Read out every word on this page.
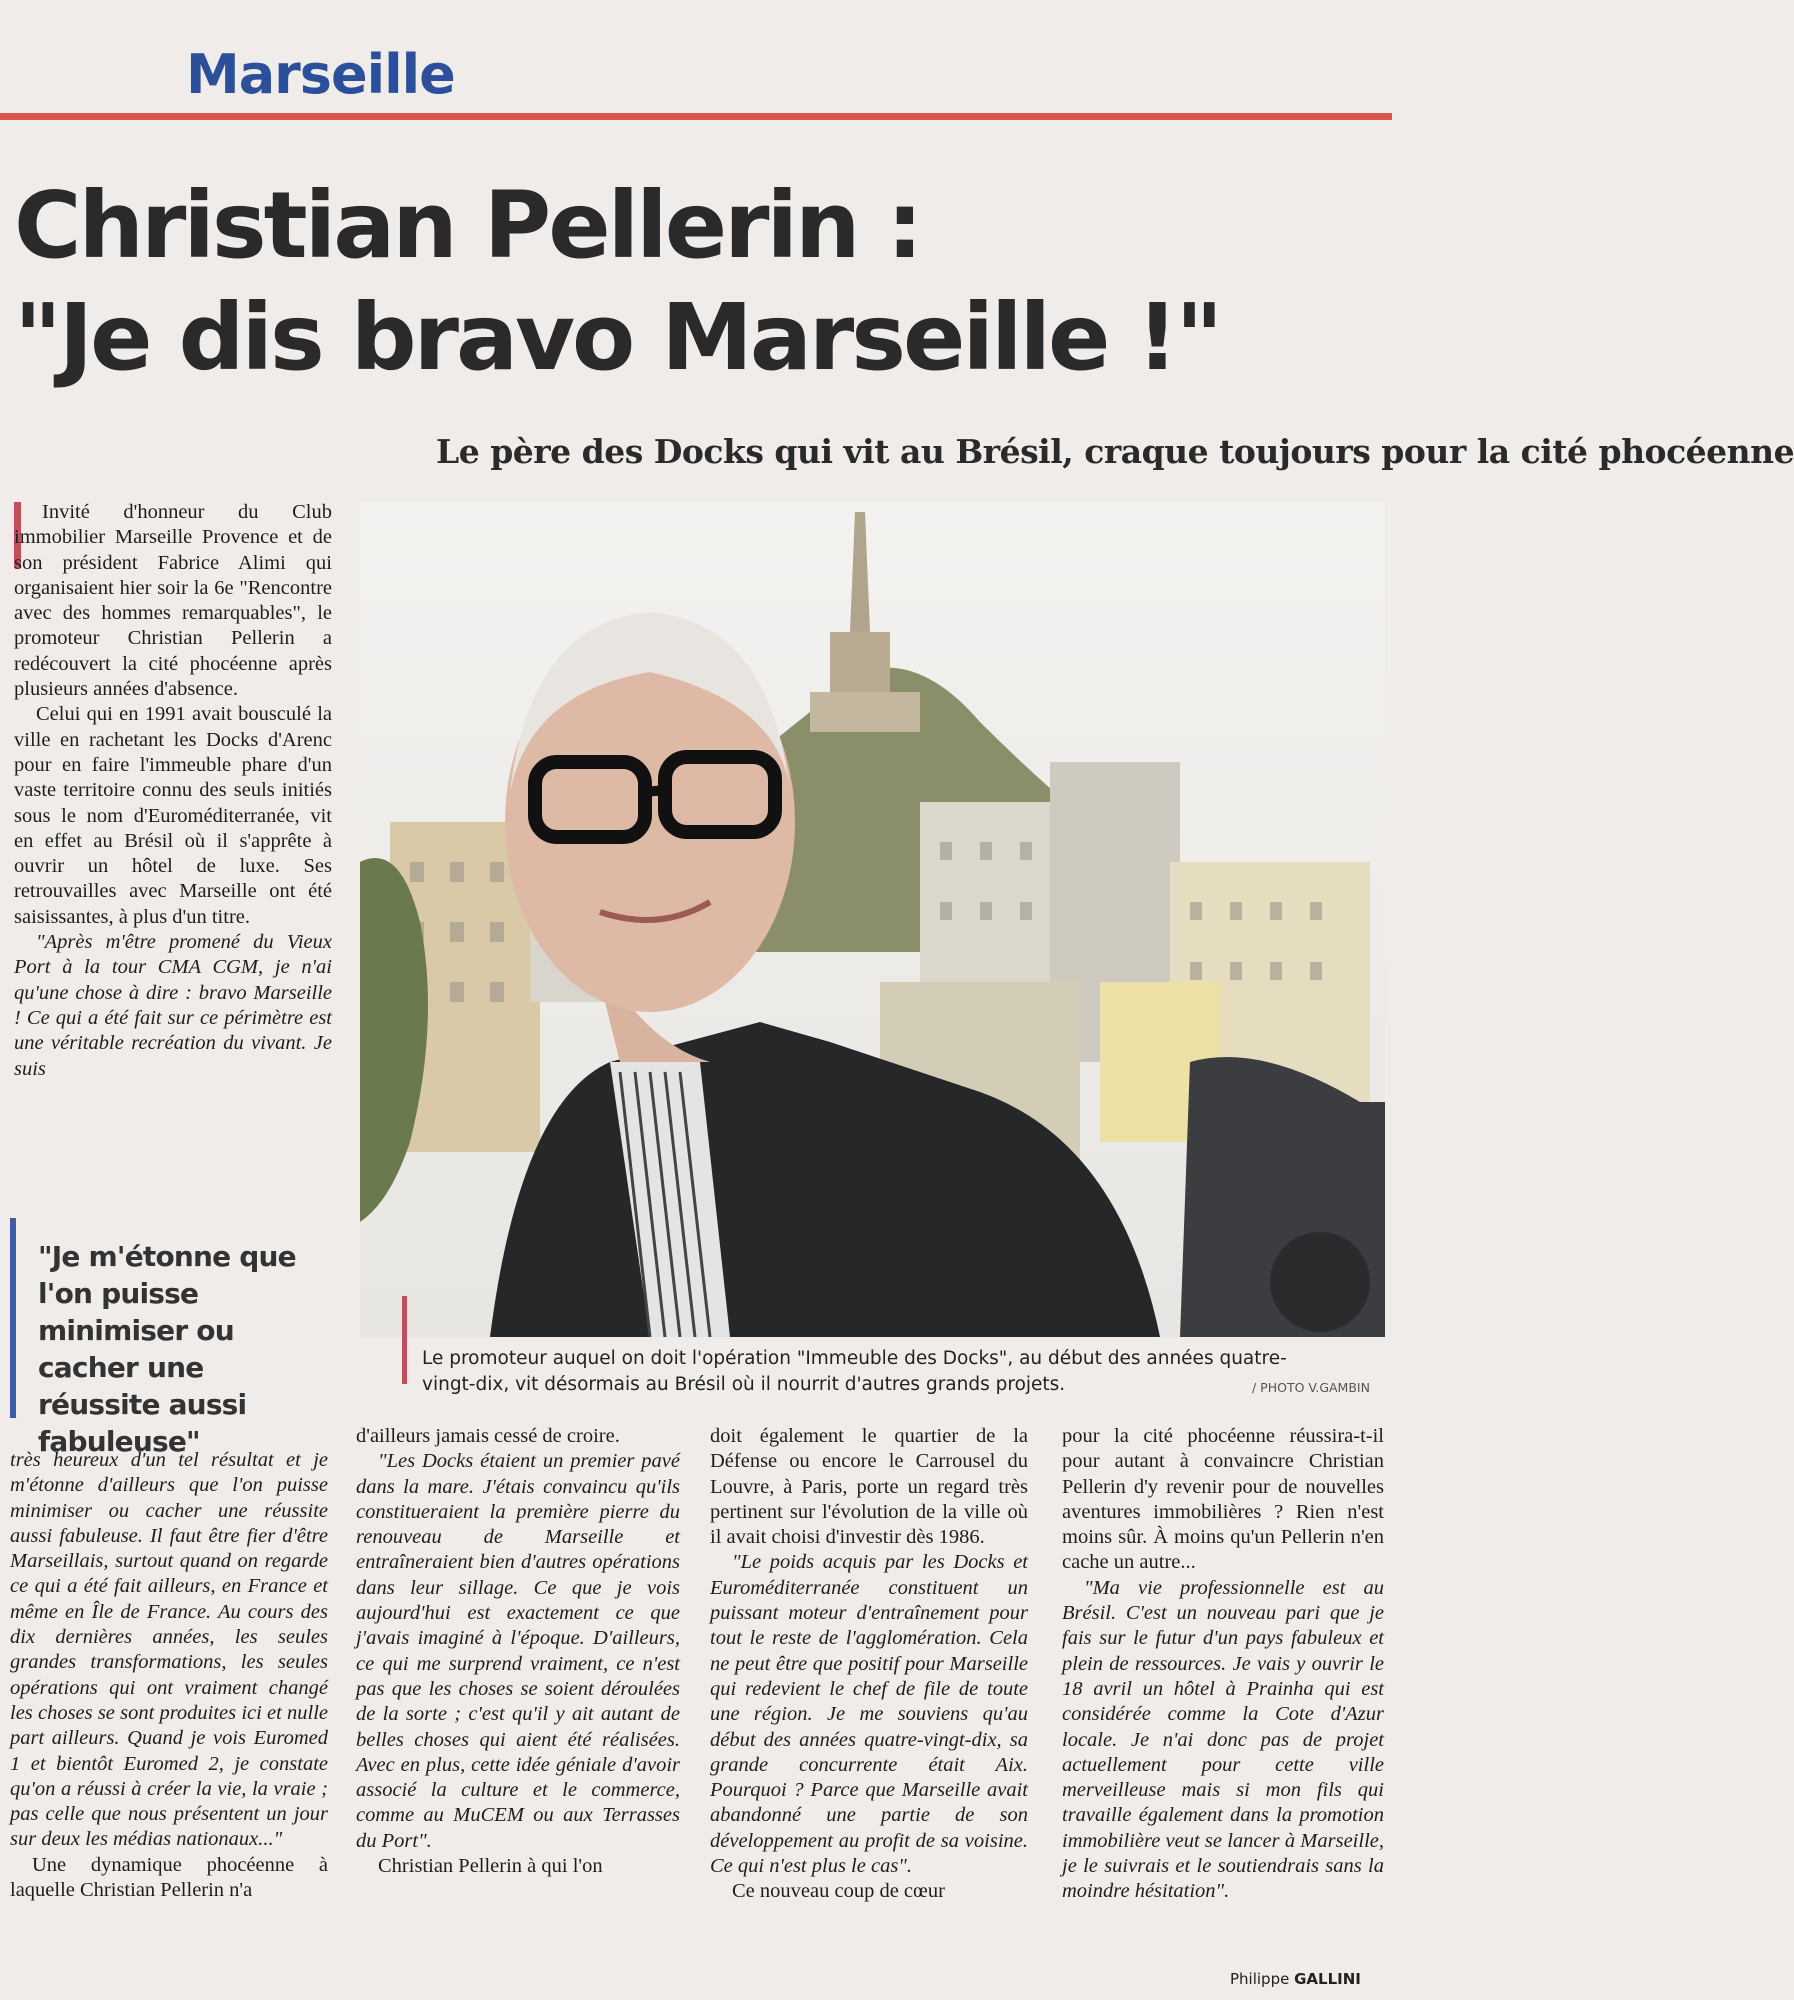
Marseille
Christian Pellerin :
"Je dis bravo Marseille !"
Le père des Docks qui vit au Brésil, craque toujours pour la cité phocéenne

Invité d'honneur du Club immobilier Marseille Provence et de son président Fabrice Alimi qui organisaient hier soir la 6e "Rencontre avec des hommes remarquables", le promoteur Christian Pellerin a redécouvert la cité phocéenne après plusieurs années d'absence.

Celui qui en 1991 avait bousculé la ville en rachetant les Docks d'Arenc pour en faire l'immeuble phare d'un vaste territoire connu des seuls initiés sous le nom d'Euroméditerranée, vit en effet au Brésil où il s'apprête à ouvrir un hôtel de luxe. Ses retrouvailles avec Marseille ont été saisissantes, à plus d'un titre.

"Après m'être promené du Vieux Port à la tour CMA CGM, je n'ai qu'une chose à dire : bravo Marseille ! Ce qui a été fait sur ce périmètre est une véritable recréation du vivant. Je suis

"Je m'étonne que l'on puisse minimiser ou cacher une réussite aussi fabuleuse"
Le promoteur auquel on doit l'opération "Immeuble des Docks", au début des années quatre-vingt-dix, vit désormais au Brésil où il nourrit d'autres grands projets.	/ PHOTO V.GAMBIN

très heureux d'un tel résultat et je m'étonne d'ailleurs que l'on puisse minimiser ou cacher une réussite aussi fabuleuse. Il faut être fier d'être Marseillais, surtout quand on regarde ce qui a été fait ailleurs, en France et même en Île de France. Au cours des dix dernières années, les seules grandes transformations, les seules opérations qui ont vraiment changé les choses se sont produites ici et nulle part ailleurs. Quand je vois Euromed 1 et bientôt Euromed 2, je constate qu'on a réussi à créer la vie, la vraie ; pas celle que nous présentent un jour sur deux les médias nationaux..."

Une dynamique phocéenne à laquelle Christian Pellerin n'a

d'ailleurs jamais cessé de croire.

"Les Docks étaient un premier pavé dans la mare. J'étais convaincu qu'ils constitueraient la première pierre du renouveau de Marseille et entraîneraient bien d'autres opérations dans leur sillage. Ce que je vois aujourd'hui est exactement ce que j'avais imaginé à l'époque. D'ailleurs, ce qui me surprend vraiment, ce n'est pas que les choses se soient déroulées de la sorte ; c'est qu'il y ait autant de belles choses qui aient été réalisées. Avec en plus, cette idée géniale d'avoir associé la culture et le commerce, comme au MuCEM ou aux Terrasses du Port".

Christian Pellerin à qui l'on

doit également le quartier de la Défense ou encore le Carrousel du Louvre, à Paris, porte un regard très pertinent sur l'évolution de la ville où il avait choisi d'investir dès 1986.

"Le poids acquis par les Docks et Euroméditerranée constituent un puissant moteur d'entraînement pour tout le reste de l'agglomération. Cela ne peut être que positif pour Marseille qui redevient le chef de file de toute une région. Je me souviens qu'au début des années quatre-vingt-dix, sa grande concurrente était Aix. Pourquoi ? Parce que Marseille avait abandonné une partie de son développement au profit de sa voisine. Ce qui n'est plus le cas".

Ce nouveau coup de cœur

pour la cité phocéenne réussira-t-il pour autant à convaincre Christian Pellerin d'y revenir pour de nouvelles aventures immobilières ? Rien n'est moins sûr. À moins qu'un Pellerin n'en cache un autre...

"Ma vie professionnelle est au Brésil. C'est un nouveau pari que je fais sur le futur d'un pays fabuleux et plein de ressources. Je vais y ouvrir le 18 avril un hôtel à Prainha qui est considérée comme la Cote d'Azur locale. Je n'ai donc pas de projet actuellement pour cette ville merveilleuse mais si mon fils qui travaille également dans la promotion immobilière veut se lancer à Marseille, je le suivrais et le soutiendrais sans la moindre hésitation".

Philippe GALLINI
